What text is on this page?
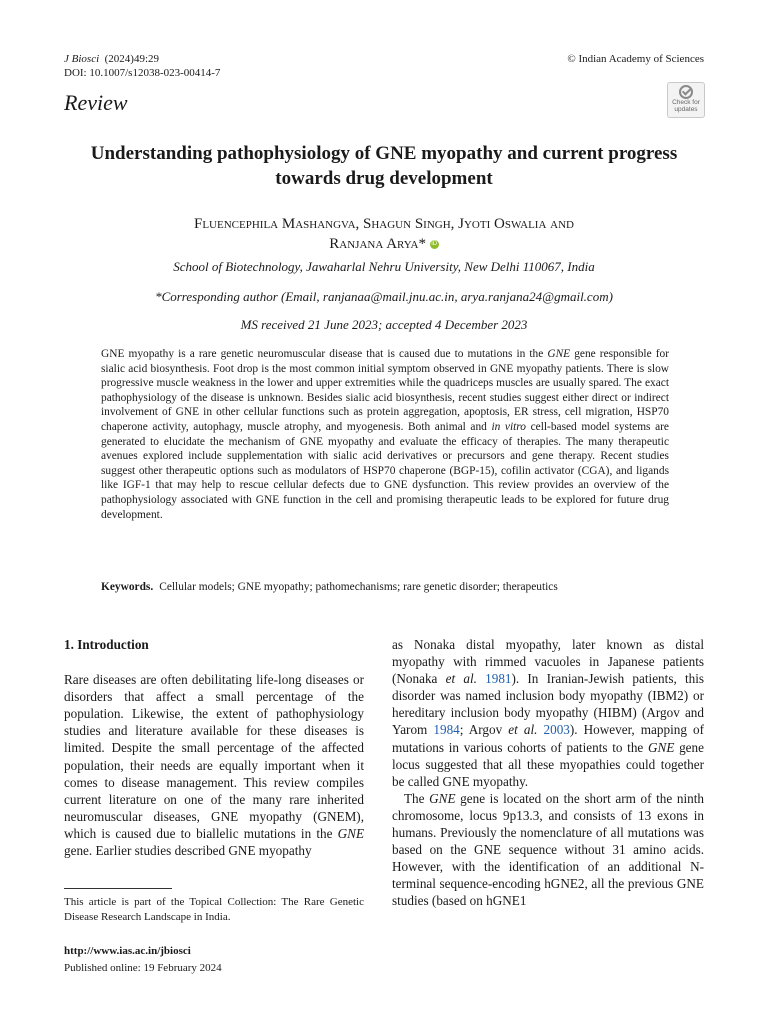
J Biosci (2024)49:29
DOI: 10.1007/s12038-023-00414-7
© Indian Academy of Sciences
Review	Check for
updates
Understanding pathophysiology of GNE myopathy and current progress towards drug development
Fluencephila Mashangva, Shagun Singh, Jyoti Oswalia and
Ranjana Arya* iD
School of Biotechnology, Jawaharlal Nehru University, New Delhi 110067, India
*Corresponding author (Email, ranjanaa@mail.jnu.ac.in, arya.ranjana24@gmail.com)
MS received 21 June 2023; accepted 4 December 2023
GNE myopathy is a rare genetic neuromuscular disease that is caused due to mutations in the GNE gene responsible for sialic acid biosynthesis. Foot drop is the most common initial symptom observed in GNE myopathy patients. There is slow progressive muscle weakness in the lower and upper extremities while the quadriceps muscles are usually spared. The exact pathophysiology of the disease is unknown. Besides sialic acid biosynthesis, recent studies suggest either direct or indirect involvement of GNE in other cellular functions such as protein aggregation, apoptosis, ER stress, cell migration, HSP70 chaperone activity, autophagy, muscle atrophy, and myogenesis. Both animal and in vitro cell-based model systems are generated to elucidate the mechanism of GNE myopathy and evaluate the efficacy of therapies. The many therapeutic avenues explored include supplementation with sialic acid derivatives or precursors and gene therapy. Recent studies suggest other therapeutic options such as modulators of HSP70 chaperone (BGP-15), cofilin activator (CGA), and ligands like IGF-1 that may help to rescue cellular defects due to GNE dysfunction. This review provides an overview of the pathophysiology associated with GNE function in the cell and promising therapeutic leads to be explored for future drug development.
Keywords. Cellular models; GNE myopathy; pathomechanisms; rare genetic disorder; therapeutics
1. Introduction

Rare diseases are often debilitating life-long diseases or disorders that affect a small percentage of the population. Likewise, the extent of pathophysiology studies and literature available for these diseases is limited. Despite the small percentage of the affected population, their needs are equally important when it comes to disease management. This review compiles current literature on one of the many rare inherited neuromuscular diseases, GNE myopathy (GNEM), which is caused due to biallelic mutations in the GNE gene. Earlier studies described GNE myopathy

as Nonaka distal myopathy, later known as distal myopathy with rimmed vacuoles in Japanese patients (Nonaka et al. 1981). In Iranian-Jewish patients, this disorder was named inclusion body myopathy (IBM2) or hereditary inclusion body myopathy (HIBM) (Argov and Yarom 1984; Argov et al. 2003). However, mapping of mutations in various cohorts of patients to the GNE gene locus suggested that all these myopathies could together be called GNE myopathy.

The GNE gene is located on the short arm of the ninth chromosome, locus 9p13.3, and consists of 13 exons in humans. Previously the nomenclature of all mutations was based on the GNE sequence without 31 amino acids. However, with the identification of an additional N-terminal sequence-encoding hGNE2, all the previous GNE studies (based on hGNE1

This article is part of the Topical Collection: The Rare Genetic Disease Research Landscape in India.
http://www.ias.ac.in/jbiosci
Published online: 19 February 2024
